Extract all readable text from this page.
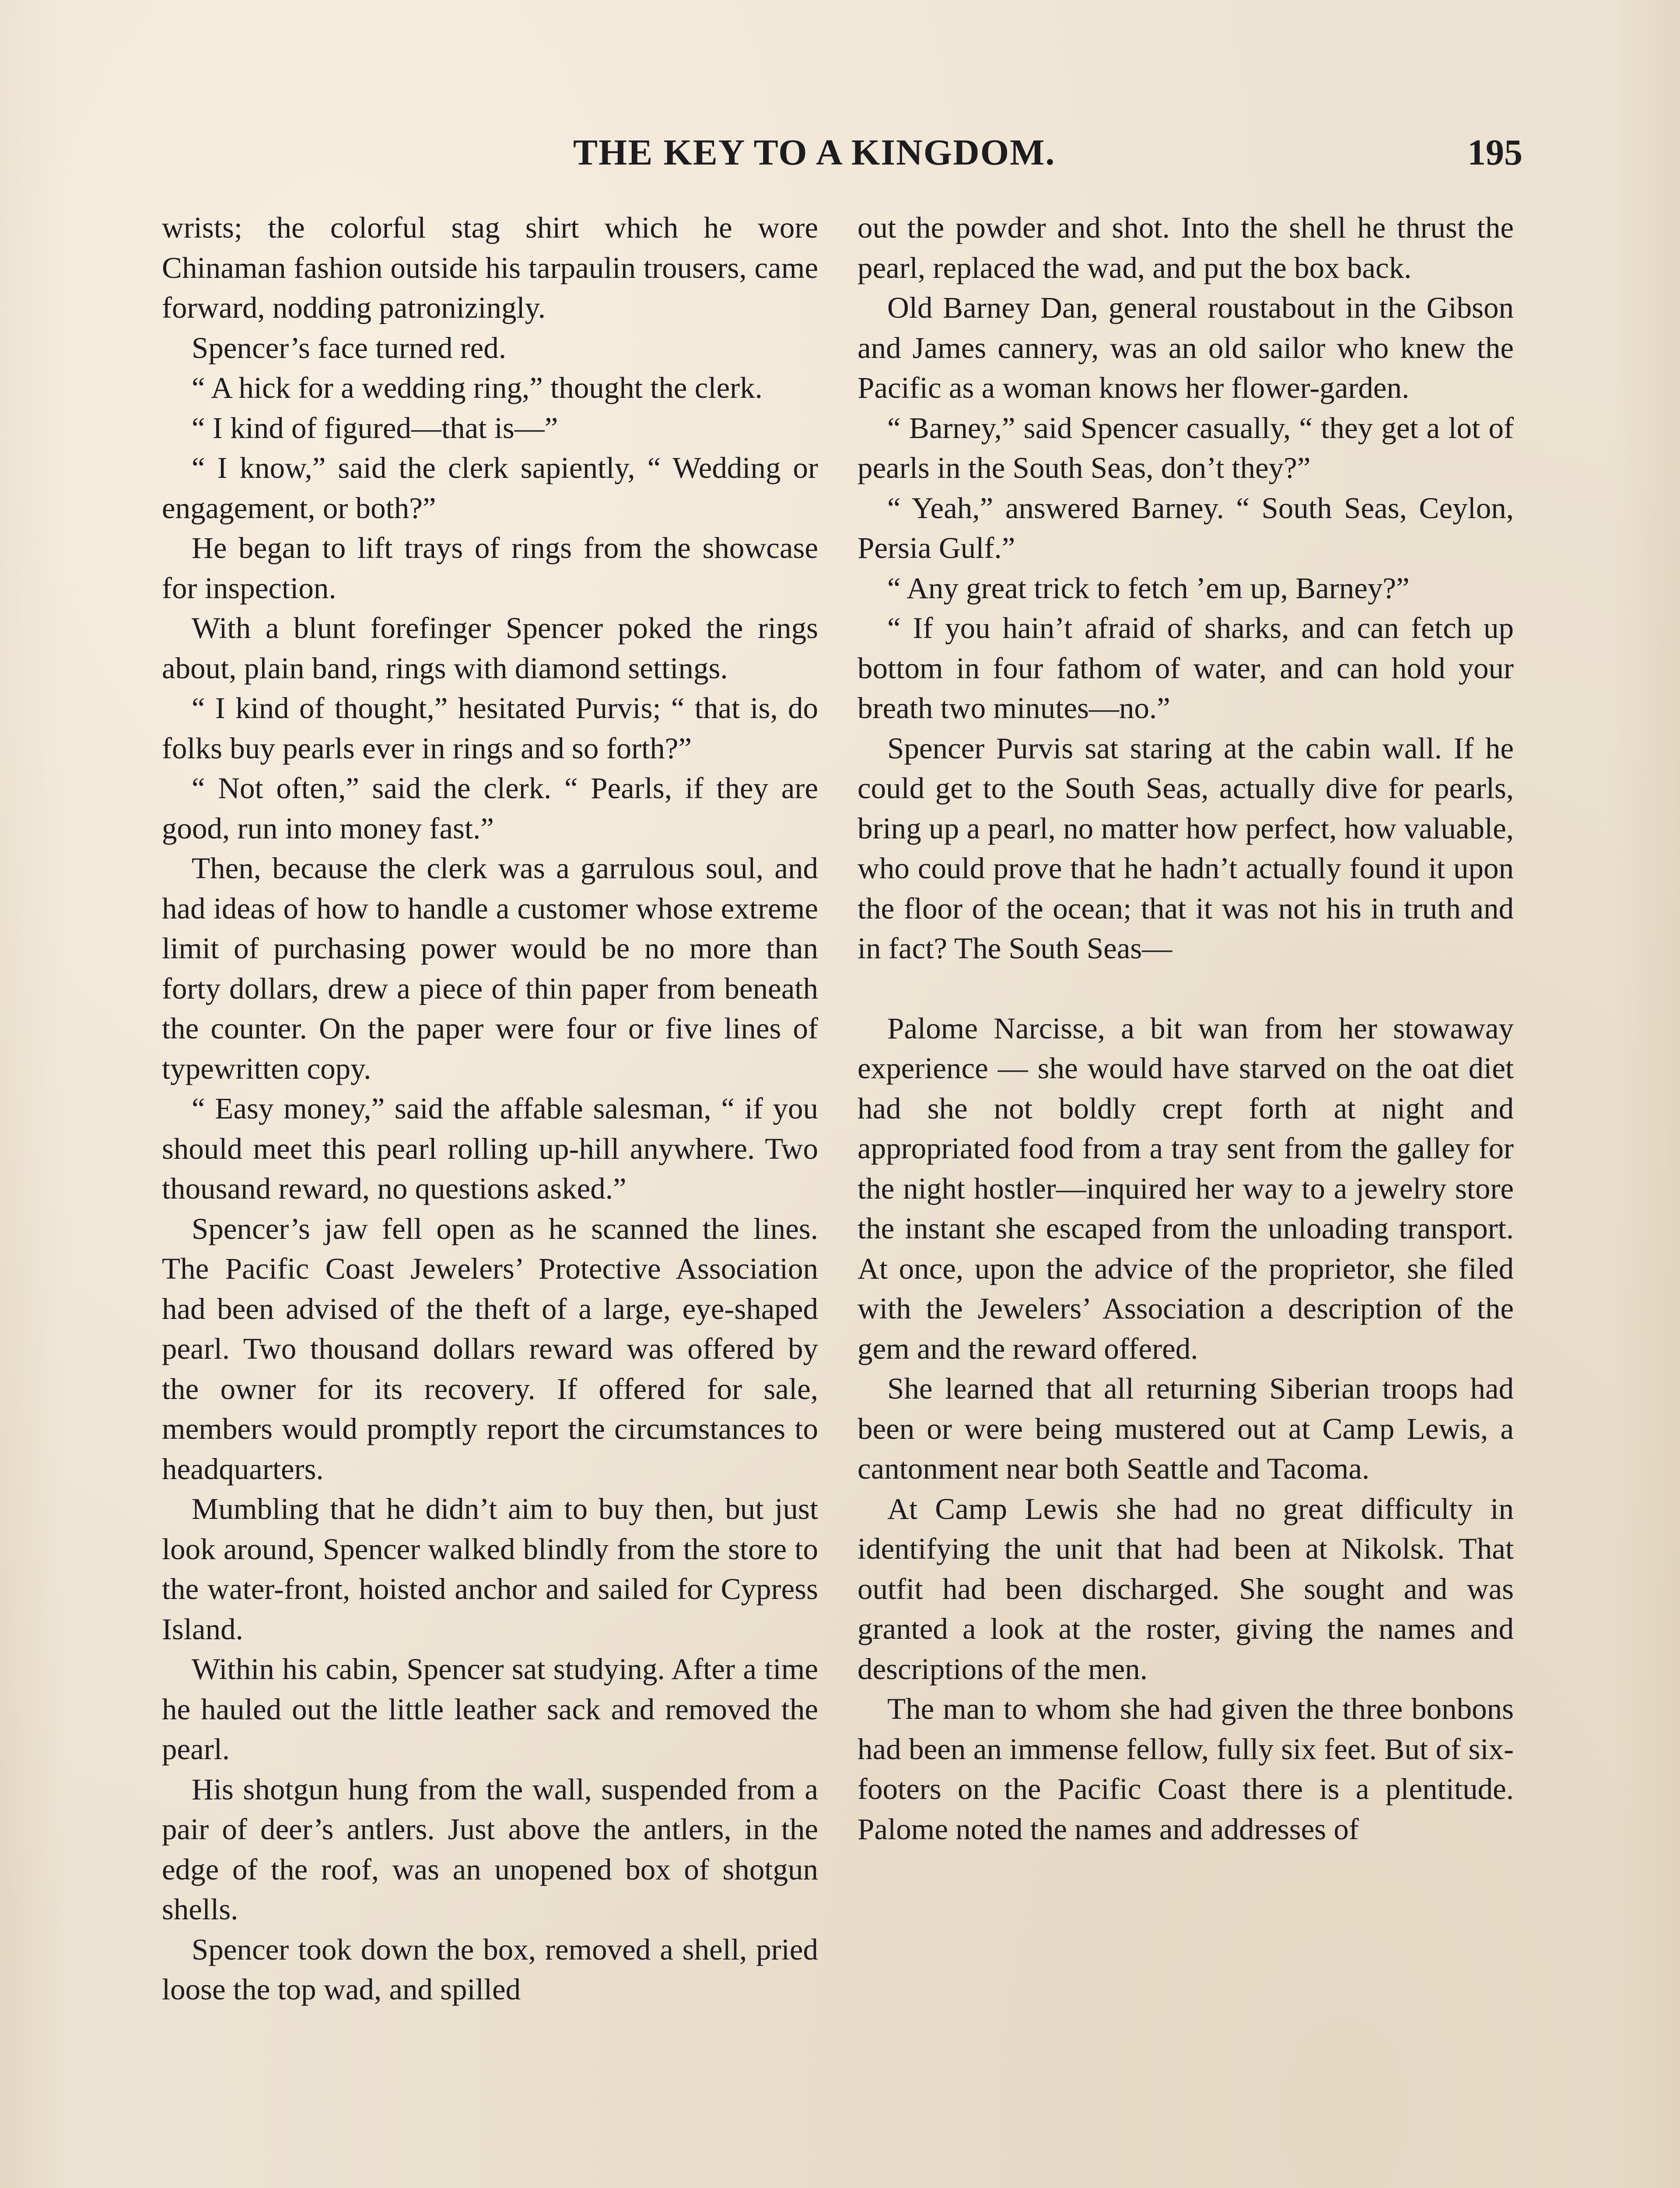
THE KEY TO A KINGDOM.	195

wrists; the colorful stag shirt which he wore Chinaman fashion outside his tarpaulin trousers, came forward, nodding patronizingly.

Spencer’s face turned red.

“ A hick for a wedding ring,” thought the clerk.

“ I kind of figured—that is—”

“ I know,” said the clerk sapiently, “ Wedding or engagement, or both?”

He began to lift trays of rings from the showcase for inspection.

With a blunt forefinger Spencer poked the rings about, plain band, rings with diamond settings.

“ I kind of thought,” hesitated Purvis; “ that is, do folks buy pearls ever in rings and so forth?”

“ Not often,” said the clerk. “ Pearls, if they are good, run into money fast.”

Then, because the clerk was a garrulous soul, and had ideas of how to handle a customer whose extreme limit of purchasing power would be no more than forty dollars, drew a piece of thin paper from beneath the counter. On the paper were four or five lines of typewritten copy.

“ Easy money,” said the affable salesman, “ if you should meet this pearl rolling up-hill anywhere. Two thousand reward, no questions asked.”

Spencer’s jaw fell open as he scanned the lines. The Pacific Coast Jewelers’ Protective Association had been advised of the theft of a large, eye-shaped pearl. Two thousand dollars reward was offered by the owner for its recovery. If offered for sale, members would promptly report the circumstances to headquarters.

Mumbling that he didn’t aim to buy then, but just look around, Spencer walked blindly from the store to the water-front, hoisted anchor and sailed for Cypress Island.

Within his cabin, Spencer sat studying. After a time he hauled out the little leather sack and removed the pearl.

His shotgun hung from the wall, suspended from a pair of deer’s antlers. Just above the antlers, in the edge of the roof, was an unopened box of shotgun shells.

Spencer took down the box, removed a shell, pried loose the top wad, and spilled

out the powder and shot. Into the shell he thrust the pearl, replaced the wad, and put the box back.

Old Barney Dan, general roustabout in the Gibson and James cannery, was an old sailor who knew the Pacific as a woman knows her flower-garden.

“ Barney,” said Spencer casually, “ they get a lot of pearls in the South Seas, don’t they?”

“ Yeah,” answered Barney. “ South Seas, Ceylon, Persia Gulf.”

“ Any great trick to fetch ’em up, Barney?”

“ If you hain’t afraid of sharks, and can fetch up bottom in four fathom of water, and can hold your breath two minutes—no.”

Spencer Purvis sat staring at the cabin wall. If he could get to the South Seas, actually dive for pearls, bring up a pearl, no matter how perfect, how valuable, who could prove that he hadn’t actually found it upon the floor of the ocean; that it was not his in truth and in fact? The South Seas—

Palome Narcisse, a bit wan from her stowaway experience — she would have starved on the oat diet had she not boldly crept forth at night and appropriated food from a tray sent from the galley for the night hostler—inquired her way to a jewelry store the instant she escaped from the unloading transport. At once, upon the advice of the proprietor, she filed with the Jewelers’ Association a description of the gem and the reward offered.

She learned that all returning Siberian troops had been or were being mustered out at Camp Lewis, a cantonment near both Seattle and Tacoma.

At Camp Lewis she had no great difficulty in identifying the unit that had been at Nikolsk. That outfit had been discharged. She sought and was granted a look at the roster, giving the names and descriptions of the men.

The man to whom she had given the three bonbons had been an immense fellow, fully six feet. But of six-footers on the Pacific Coast there is a plentitude. Palome noted the names and addresses of
